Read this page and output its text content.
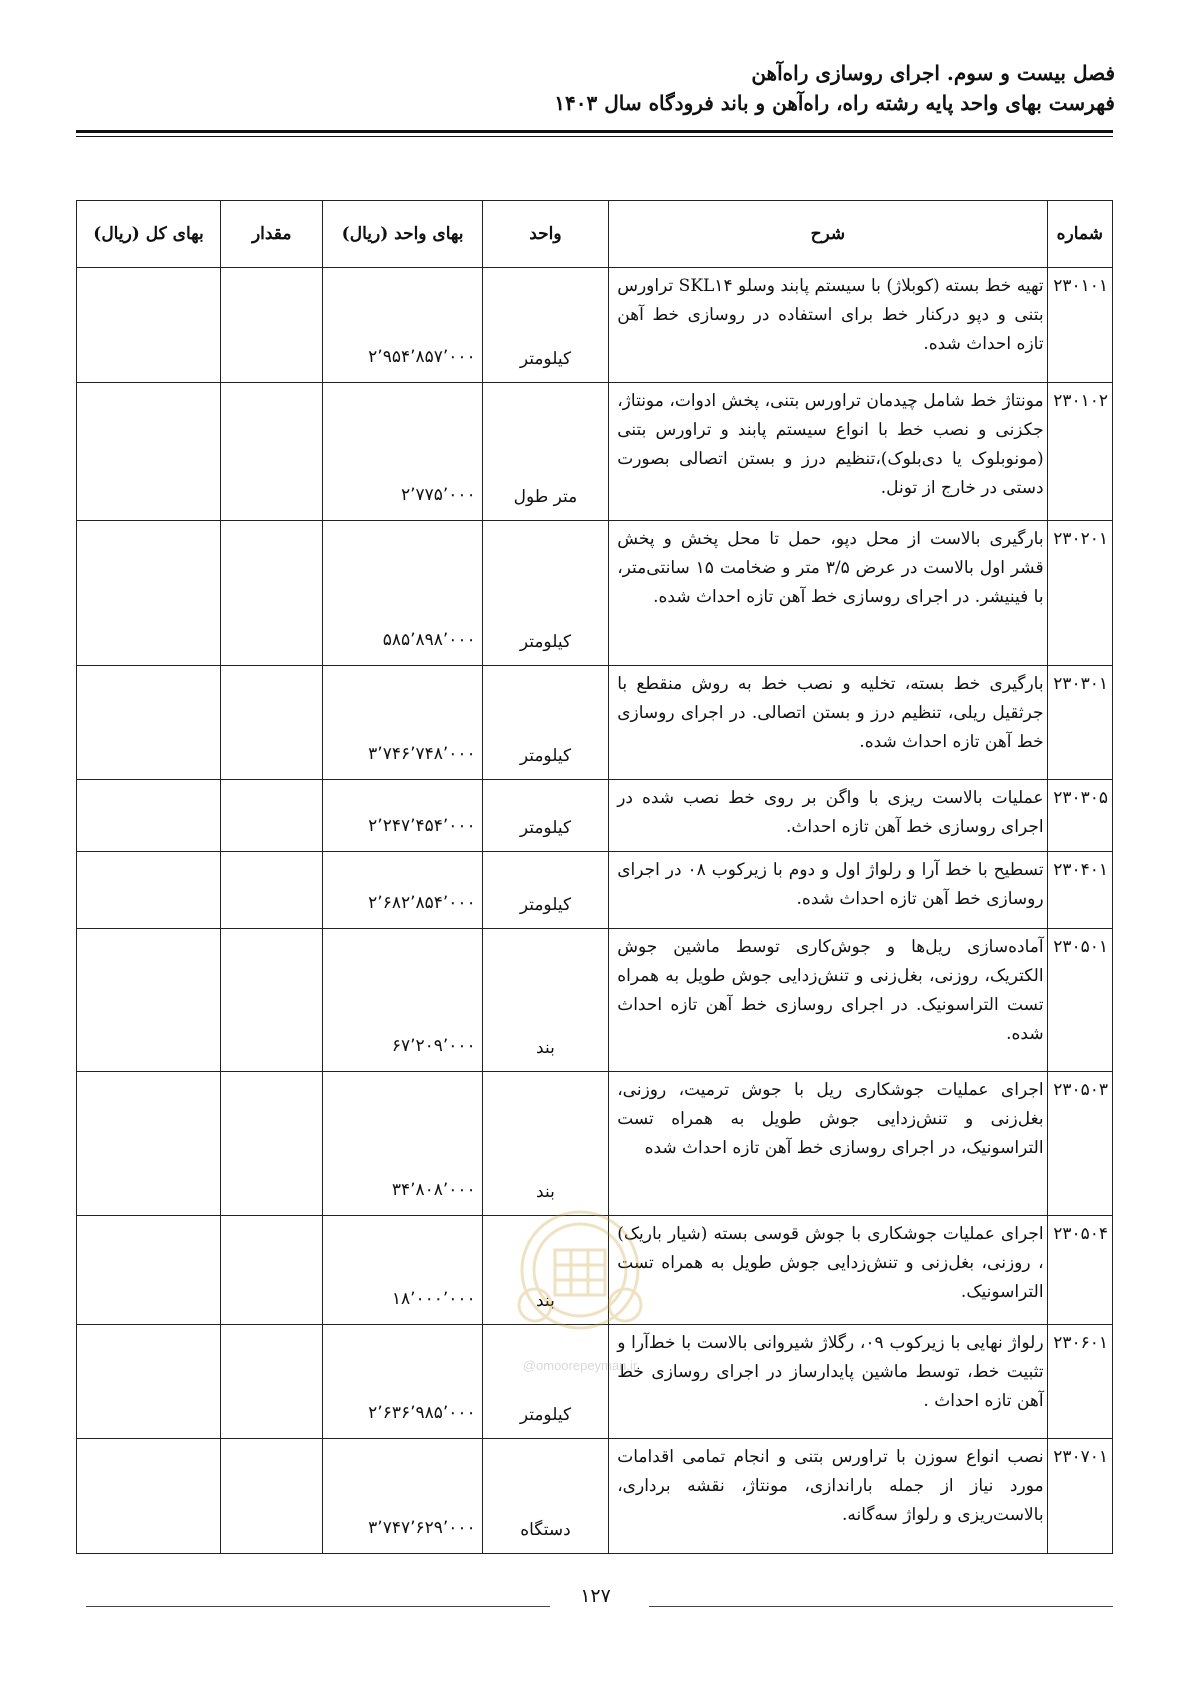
فصل بیست و سوم. اجرای روسازی راه‌آهن
فهرست بهای واحد پایه رشته راه، راه‌آهن و باند فرودگاه سال ۱۴۰۳
شماره	شرح	واحد	بهای واحد (ریال)	مقدار	بهای کل (ریال)
۲۳۰۱۰۱	تهیه خط بسته (کوبلاژ) با سیستم پابند وسلو SKL۱۴ تراورس بتنی و دپو درکنار خط برای استفاده در روسازی خط آهن تازه احداث شده.	کیلومتر	۲٬۹۵۴٬۸۵۷٬۰۰۰		
۲۳۰۱۰۲	مونتاژ خط شامل چیدمان تراورس بتنی، پخش ادوات، مونتاژ، جکزنی و نصب خط با انواع سیستم پابند و تراورس بتنی (مونوبلوک یا دی‌بلوک)،تنظیم درز و بستن اتصالی بصورت دستی در خارج از تونل.	متر طول	۲٬۷۷۵٬۰۰۰		
۲۳۰۲۰۱	بارگیری بالاست از محل دپو، حمل تا محل پخش و پخش قشر اول بالاست در عرض ۳/۵ متر و ضخامت ۱۵ سانتی‌متر، با فینیشر. در اجرای روسازی خط آهن تازه احداث شده.	کیلومتر	۵۸۵٬۸۹۸٬۰۰۰		
۲۳۰۳۰۱	بارگیری خط بسته، تخلیه و نصب خط به روش منقطع با جرثقیل ریلی، تنظیم درز و بستن اتصالی. در اجرای روسازی خط آهن تازه احداث شده.	کیلومتر	۳٬۷۴۶٬۷۴۸٬۰۰۰		
۲۳۰۳۰۵	عملیات بالاست ریزی با واگن بر روی خط نصب شده در اجرای روسازی خط آهن تازه احداث.	کیلومتر	۲٬۲۴۷٬۴۵۴٬۰۰۰		
۲۳۰۴۰۱	تسطیح با خط آرا و رلواژ اول و دوم با زیرکوب ۰۸ در اجرای روسازی خط آهن تازه احداث شده.	کیلومتر	۲٬۶۸۲٬۸۵۴٬۰۰۰		
۲۳۰۵۰۱	آماده‌سازی ریل‌ها و جوش‌کاری توسط ماشین جوش الکتریک، روزنی، بغل‌زنی و تنش‌زدایی جوش طویل به همراه تست التراسونیک. در اجرای روسازی خط آهن تازه احداث شده.	بند	۶۷٬۲۰۹٬۰۰۰		
۲۳۰۵۰۳	اجرای عملیات جوشکاری ریل با جوش ترمیت، روزنی، بغل‌زنی و تنش‌زدایی جوش طویل به همراه تست التراسونیک، در اجرای روسازی خط آهن تازه احداث شده	بند	۳۴٬۸۰۸٬۰۰۰		
۲۳۰۵۰۴	اجرای عملیات جوشکاری با جوش قوسی بسته (شیار باریک) ، روزنی، بغل‌زنی و تنش‌زدایی جوش طویل به همراه تست التراسونیک.	بند	۱۸٬۰۰۰٬۰۰۰		
۲۳۰۶۰۱	رلواژ نهایی با زیرکوب ۰۹، رگلاژ شیروانی بالاست با خط‌آرا و تثبیت خط، توسط ماشین پایدارساز در اجرای روسازی خط آهن تازه احداث .	کیلومتر	۲٬۶۳۶٬۹۸۵٬۰۰۰		
۲۳۰۷۰۱	نصب انواع سوزن با تراورس بتنی و انجام تمامی اقدامات مورد نیاز از جمله باراندازی، مونتاژ، نقشه برداری، بالاست‌ریزی و رلواژ سه‌گانه.	دستگاه	۳٬۷۴۷٬۶۲۹٬۰۰۰		
@omoorepeyman.ir
۱۲۷
